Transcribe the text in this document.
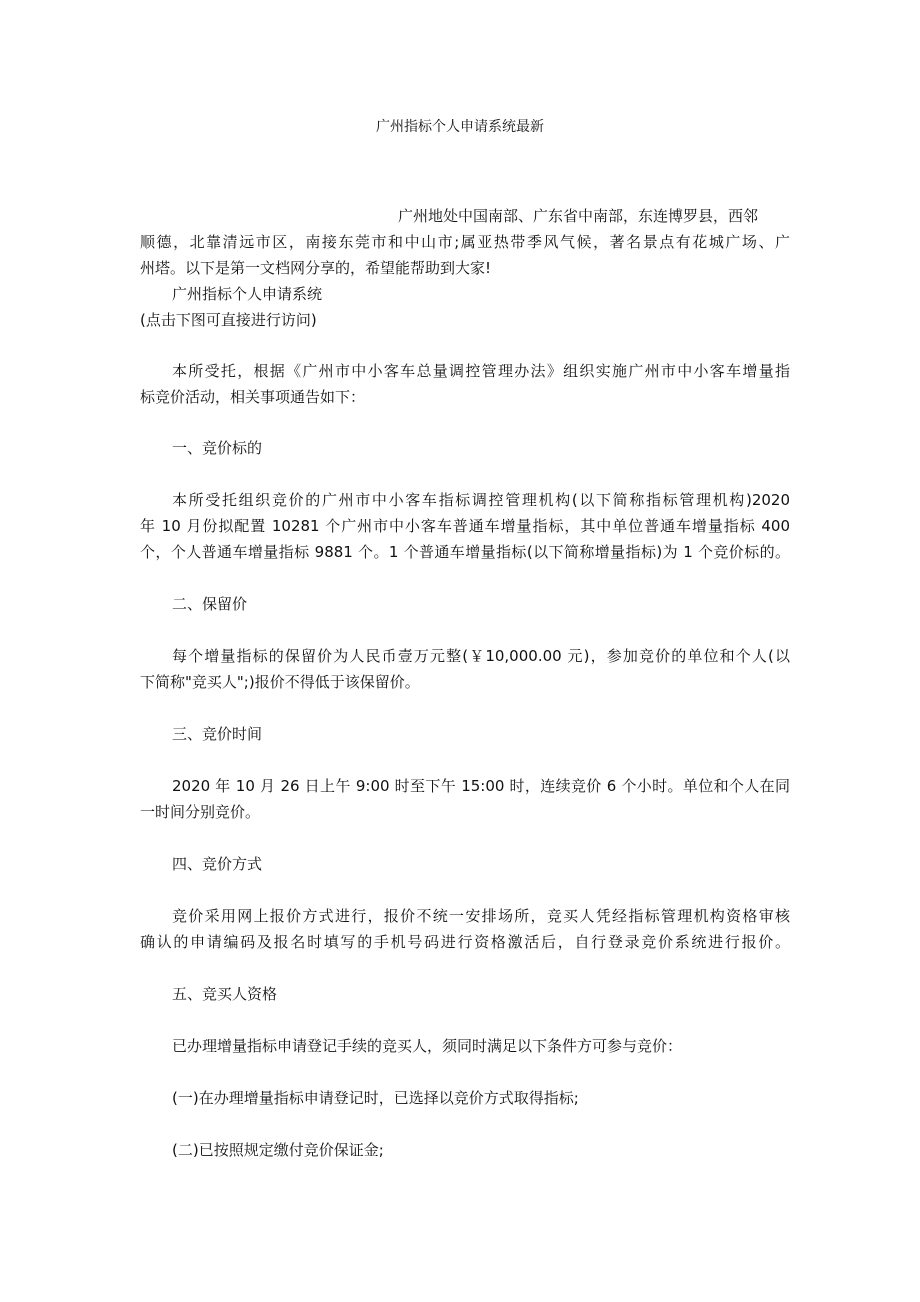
广州指标个人申请系统最新
广州地处中国南部、广东省中南部，东连博罗县，西邻
顺德，北靠清远市区，南接东莞市和中山市;属亚热带季风气候，著名景点有花城广场、广
州塔。以下是第一文档网分享的，希望能帮助到大家!
广州指标个人申请系统
(点击下图可直接进行访问)
本所受托，根据《广州市中小客车总量调控管理办法》组织实施广州市中小客车增量指
标竞价活动，相关事项通告如下：
一、竞价标的
本所受托组织竞价的广州市中小客车指标调控管理机构(以下简称指标管理机构)2020
年 10 月份拟配置 10281 个广州市中小客车普通车增量指标，其中单位普通车增量指标 400
个，个人普通车增量指标 9881 个。1 个普通车增量指标(以下简称增量指标)为 1 个竞价标的。
二、保留价
每个增量指标的保留价为人民币壹万元整(￥10,000.00 元)，参加竞价的单位和个人(以
下简称"竞买人";)报价不得低于该保留价。
三、竞价时间
2020 年 10 月 26 日上午 9:00 时至下午 15:00 时，连续竞价 6 个小时。单位和个人在同
一时间分别竞价。
四、竞价方式
竞价采用网上报价方式进行，报价不统一安排场所，竞买人凭经指标管理机构资格审核
确认的申请编码及报名时填写的手机号码进行资格激活后，自行登录竞价系统进行报价。
五、竞买人资格
已办理增量指标申请登记手续的竞买人，须同时满足以下条件方可参与竞价：
(一)在办理增量指标申请登记时，已选择以竞价方式取得指标;
(二)已按照规定缴付竞价保证金;
